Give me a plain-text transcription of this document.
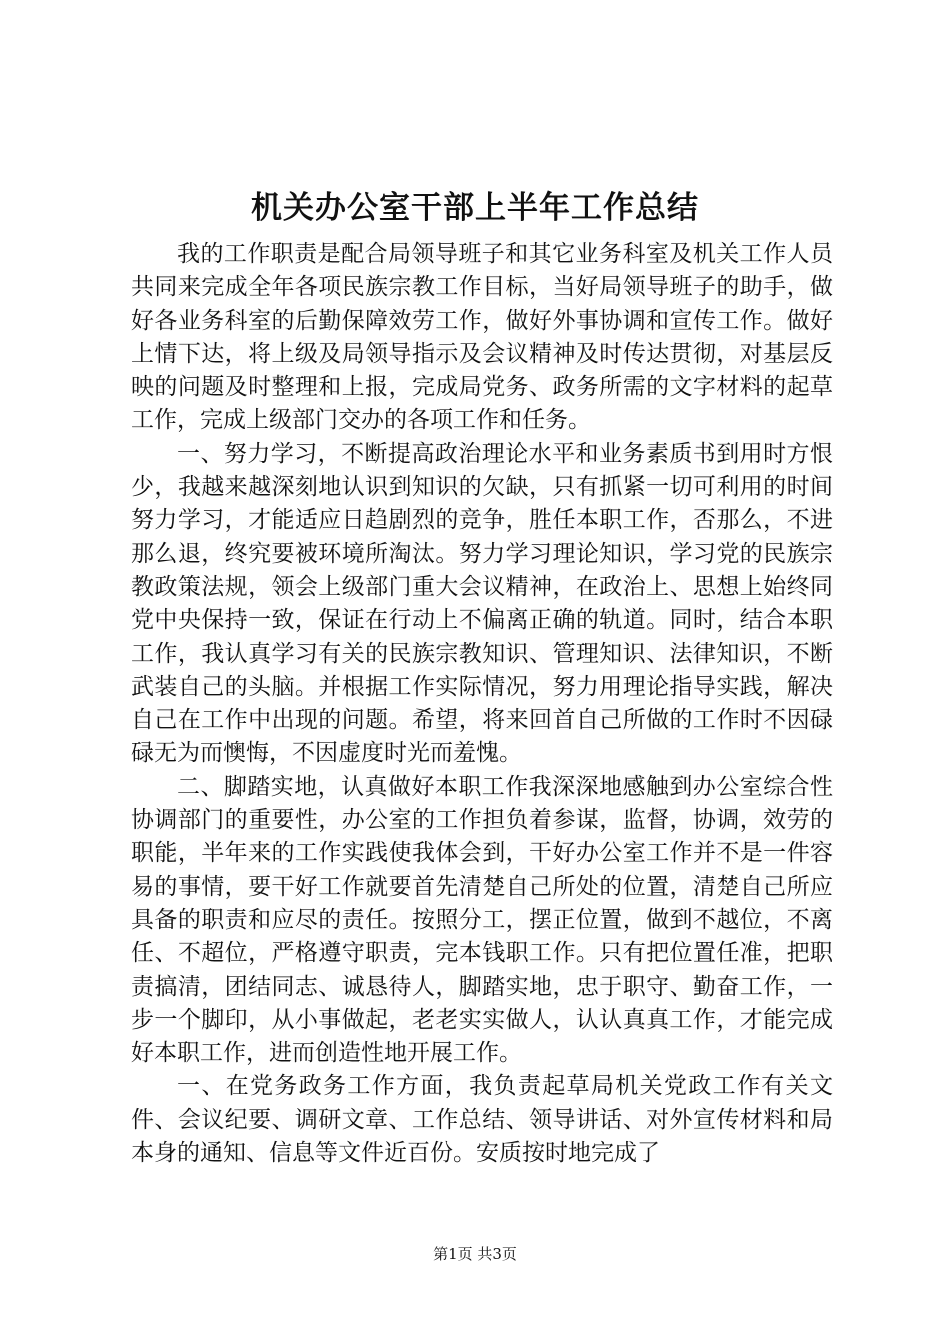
机关办公室干部上半年工作总结

我的工作职责是配合局领导班子和其它业务科室及机关工作人员共同来完成全年各项民族宗教工作目标，当好局领导班子的助手，做好各业务科室的后勤保障效劳工作，做好外事协调和宣传工作。做好上情下达，将上级及局领导指示及会议精神及时传达贯彻，对基层反映的问题及时整理和上报，完成局党务、政务所需的文字材料的起草工作，完成上级部门交办的各项工作和任务。

一、努力学习，不断提高政治理论水平和业务素质书到用时方恨少，我越来越深刻地认识到知识的欠缺，只有抓紧一切可利用的时间努力学习，才能适应日趋剧烈的竞争，胜任本职工作，否那么，不进那么退，终究要被环境所淘汰。努力学习理论知识，学习党的民族宗教政策法规，领会上级部门重大会议精神，在政治上、思想上始终同党中央保持一致，保证在行动上不偏离正确的轨道。同时，结合本职工作，我认真学习有关的民族宗教知识、管理知识、法律知识，不断武装自己的头脑。并根据工作实际情况，努力用理论指导实践，解决自己在工作中出现的问题。希望，将来回首自己所做的工作时不因碌碌无为而懊悔，不因虚度时光而羞愧。

二、脚踏实地，认真做好本职工作我深深地感触到办公室综合性协调部门的重要性，办公室的工作担负着参谋，监督，协调，效劳的职能，半年来的工作实践使我体会到，干好办公室工作并不是一件容易的事情，要干好工作就要首先清楚自己所处的位置，清楚自己所应具备的职责和应尽的责任。按照分工，摆正位置，做到不越位，不离任、不超位，严格遵守职责，完本钱职工作。只有把位置任准，把职责搞清，团结同志、诚恳待人，脚踏实地，忠于职守、勤奋工作，一步一个脚印，从小事做起，老老实实做人，认认真真工作，才能完成好本职工作，进而创造性地开展工作。

一、在党务政务工作方面，我负责起草局机关党政工作有关文件、会议纪要、调研文章、工作总结、领导讲话、对外宣传材料和局本身的通知、信息等文件近百份。安质按时地完成了

第1页 共3页
